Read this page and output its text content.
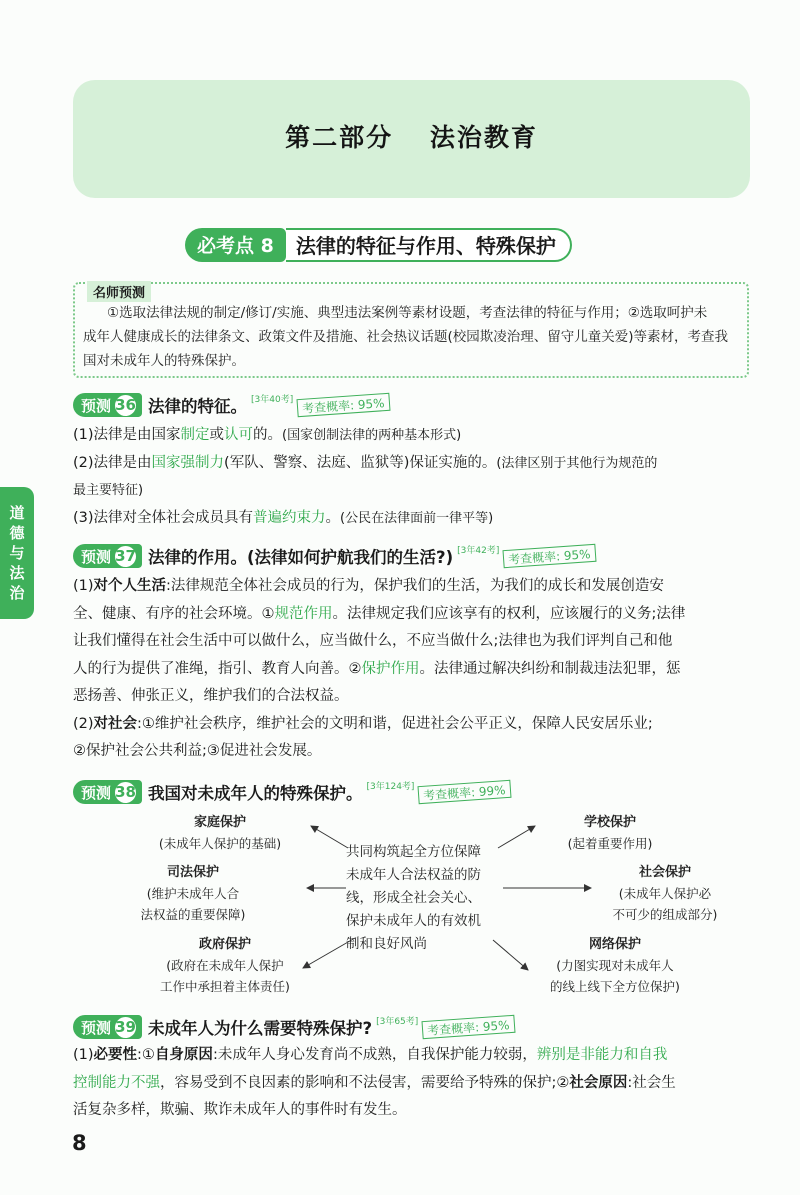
第二部分 法治教育
必考点 8	法律的特征与作用、特殊保护
名师预测

①选取法律法规的制定/修订/实施、典型违法案例等素材设题，考查法律的特征与作用；②选取呵护未

成年人健康成长的法律条文、政策文件及措施、社会热议话题(校园欺凌治理、留守儿童关爱)等素材，考查我
国对未成年人的特殊保护。
道
德
与
法
治
预测 36 法律的特征。 [3年40考] 考查概率: 95%
(1)法律是由国家制定或认可的。(国家创制法律的两种基本形式)
(2)法律是由国家强制力(军队、警察、法庭、监狱等)保证实施的。(法律区别于其他行为规范的
最主要特征)
(3)法律对全体社会成员具有普遍约束力。(公民在法律面前一律平等)
预测 37 法律的作用。(法律如何护航我们的生活?) [3年42考] 考查概率: 95%
(1)对个人生活:法律规范全体社会成员的行为，保护我们的生活，为我们的成长和发展创造安
全、健康、有序的社会环境。①规范作用。法律规定我们应该享有的权利，应该履行的义务;法律
让我们懂得在社会生活中可以做什么，应当做什么，不应当做什么;法律也为我们评判自己和他
人的行为提供了准绳，指引、教育人向善。②保护作用。法律通过解决纠纷和制裁违法犯罪，惩
恶扬善、伸张正义，维护我们的合法权益。
(2)对社会:①维护社会秩序，维护社会的文明和谐，促进社会公平正义，保障人民安居乐业;
②保护社会公共利益;③促进社会发展。
预测 38 我国对未成年人的特殊保护。 [3年124考] 考查概率: 99%
共同构筑起全方位保障
未成年人合法权益的防
线，形成全社会关心、
保护未成年人的有效机
制和良好风尚
家庭保护
(未成年人保护的基础)
司法保护
(维护未成年人合
法权益的重要保障)
政府保护
(政府在未成年人保护
工作中承担着主体责任)
学校保护
(起着重要作用)
社会保护
(未成年人保护必
不可少的组成部分)
网络保护
(力图实现对未成年人
的线上线下全方位保护)
预测 39 未成年人为什么需要特殊保护? [3年65考] 考查概率: 95%
(1)必要性:①自身原因:未成年人身心发育尚不成熟，自我保护能力较弱，辨别是非能力和自我
控制能力不强，容易受到不良因素的影响和不法侵害，需要给予特殊的保护;②社会原因:社会生
活复杂多样，欺骗、欺诈未成年人的事件时有发生。
8
